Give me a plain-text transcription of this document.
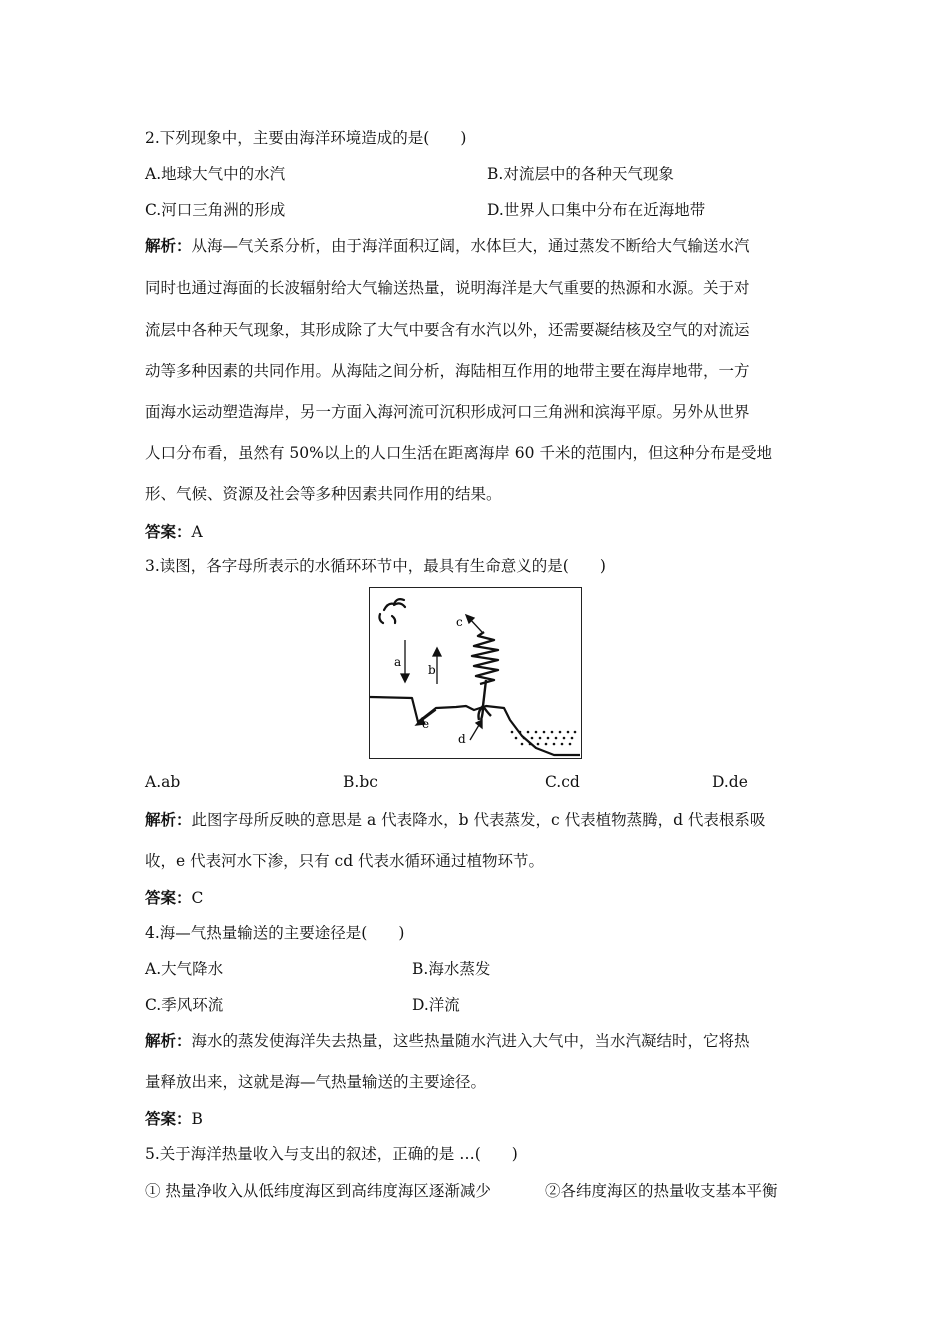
2.下列现象中，主要由海洋环境造成的是(　　)
A.地球大气中的水汽	B.对流层中的各种天气现象
C.河口三角洲的形成	D.世界人口集中分布在近海地带
解析：从海—气关系分析，由于海洋面积辽阔，水体巨大，通过蒸发不断给大气输送水汽
同时也通过海面的长波辐射给大气输送热量，说明海洋是大气重要的热源和水源。关于对
流层中各种天气现象，其形成除了大气中要含有水汽以外，还需要凝结核及空气的对流运
动等多种因素的共同作用。从海陆之间分析，海陆相互作用的地带主要在海岸地带，一方
面海水运动塑造海岸，另一方面入海河流可沉积形成河口三角洲和滨海平原。另外从世界
人口分布看，虽然有 50%以上的人口生活在距离海岸 60 千米的范围内，但这种分布是受地
形、气候、资源及社会等多种因素共同作用的结果。
答案：A
3.读图，各字母所表示的水循环环节中，最具有生命意义的是(　　)
a
b
c
e
d
A.ab	B.bc	C.cd	D.de
解析：此图字母所反映的意思是 a 代表降水，b 代表蒸发，c 代表植物蒸腾，d 代表根系吸
收，e 代表河水下渗，只有 cd 代表水循环通过植物环节。
答案：C
4.海—气热量输送的主要途径是(　　)
A.大气降水	B.海水蒸发
C.季风环流	D.洋流
解析：海水的蒸发使海洋失去热量，这些热量随水汽进入大气中，当水汽凝结时，它将热
量释放出来，这就是海—气热量输送的主要途径。
答案：B
5.关于海洋热量收入与支出的叙述，正确的是 …(　　)
① 热量净收入从低纬度海区到高纬度海区逐渐减少	②各纬度海区的热量收支基本平衡
